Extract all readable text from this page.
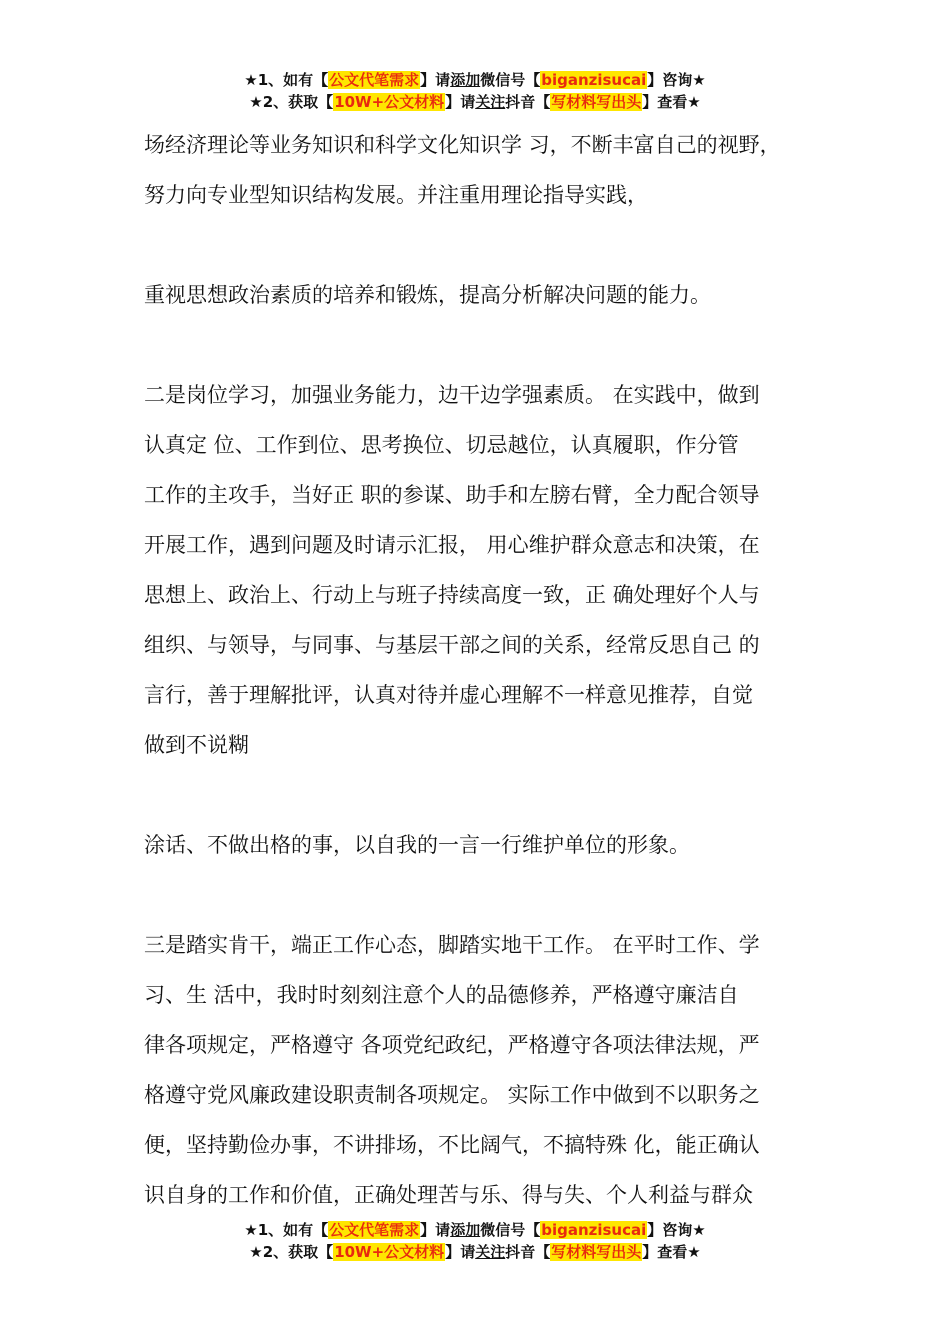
★1、如有【公文代笔需求】请添加微信号【biganzisucai】咨询★
★2、获取【10W+公文材料】请关注抖音【写材料写出头】查看★
场经济理论等业务知识和科学文化知识学 习，不断丰富自己的视野，
努力向专业型知识结构发展。并注重用理论指导实践，
重视思想政治素质的培养和锻炼，提高分析解决问题的能力。
二是岗位学习，加强业务能力，边干边学强素质。 在实践中，做到
认真定 位、工作到位、思考换位、切忌越位，认真履职，作分管
工作的主攻手，当好正 职的参谋、助手和左膀右臂，全力配合领导
开展工作，遇到问题及时请示汇报， 用心维护群众意志和决策，在
思想上、政治上、行动上与班子持续高度一致，正 确处理好个人与
组织、与领导，与同事、与基层干部之间的关系，经常反思自己 的
言行，善于理解批评，认真对待并虚心理解不一样意见推荐，自觉
做到不说糊
涂话、不做出格的事，以自我的一言一行维护单位的形象。
三是踏实肯干，端正工作心态，脚踏实地干工作。 在平时工作、学
习、生 活中，我时时刻刻注意个人的品德修养，严格遵守廉洁自
律各项规定，严格遵守 各项党纪政纪，严格遵守各项法律法规，严
格遵守党风廉政建设职责制各项规定。 实际工作中做到不以职务之
便，坚持勤俭办事，不讲排场，不比阔气，不搞特殊 化，能正确认
识自身的工作和价值，正确处理苦与乐、得与失、个人利益与群众
★1、如有【公文代笔需求】请添加微信号【biganzisucai】咨询★
★2、获取【10W+公文材料】请关注抖音【写材料写出头】查看★
